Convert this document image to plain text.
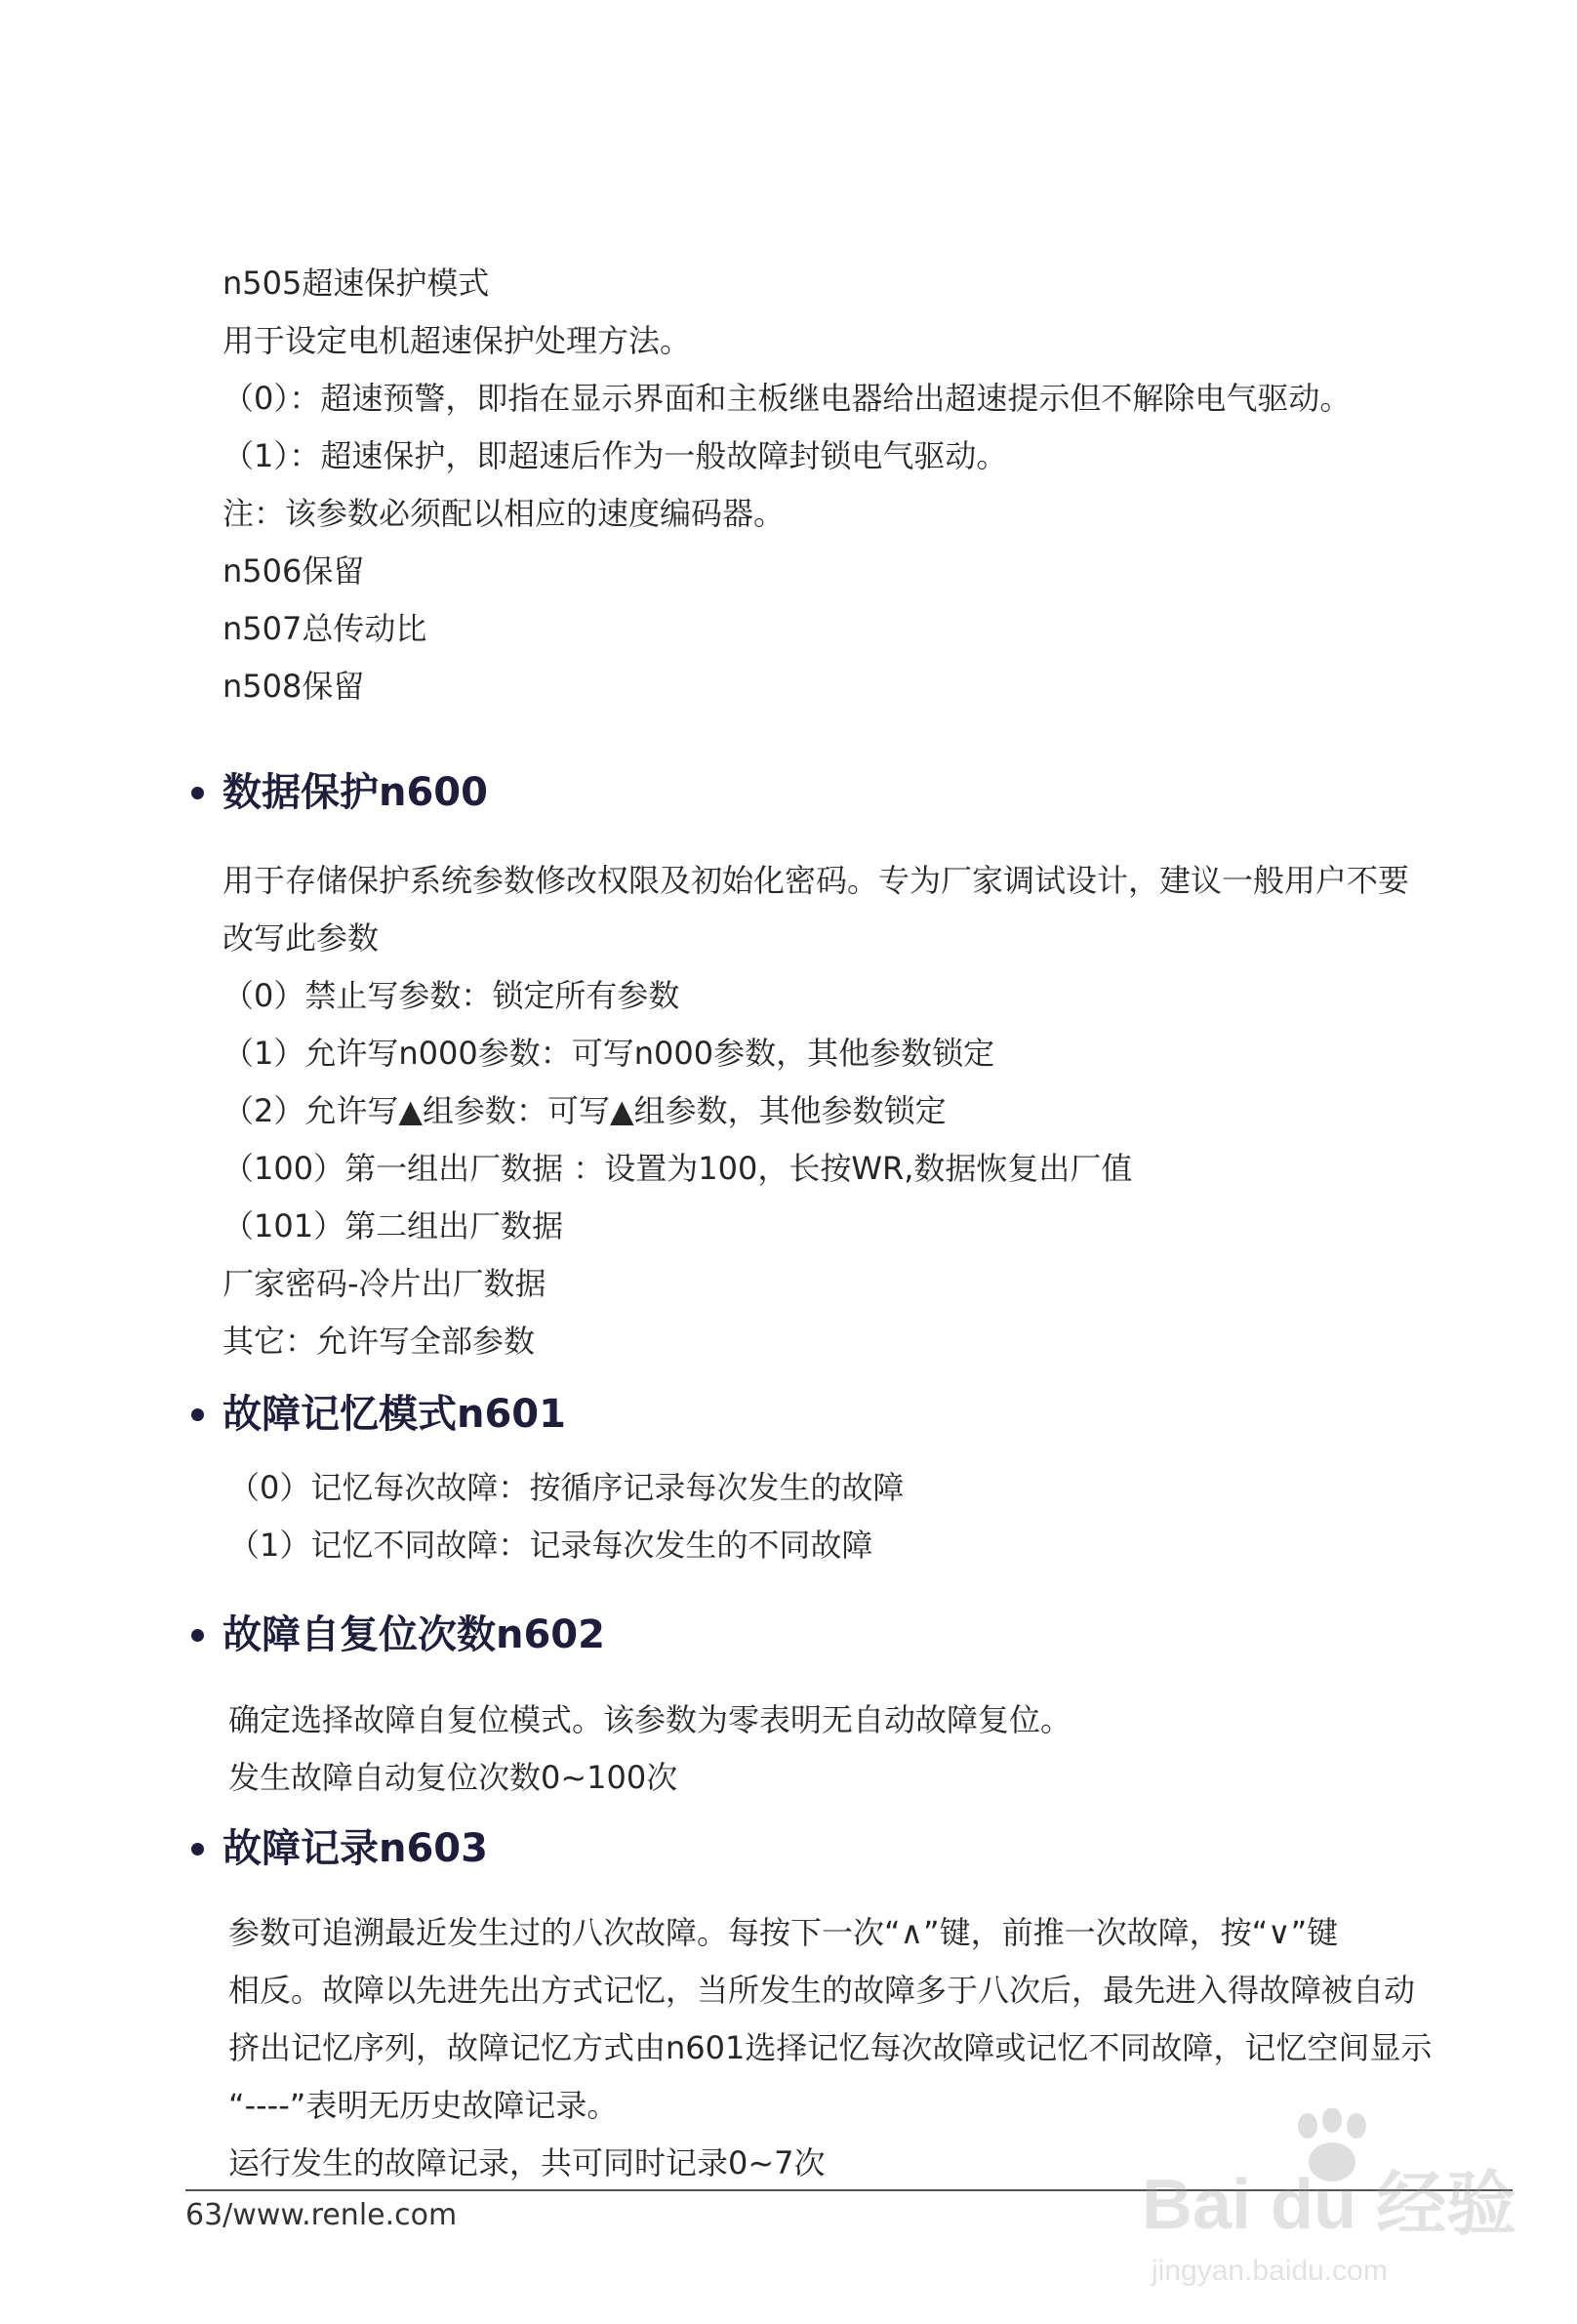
n505超速保护模式
用于设定电机超速保护处理方法。
（0）：超速预警，即指在显示界面和主板继电器给出超速提示但不解除电气驱动。
（1）：超速保护，即超速后作为一般故障封锁电气驱动。
注：该参数必须配以相应的速度编码器。
n506保留
n507总传动比
n508保留
数据保护n600
用于存储保护系统参数修改权限及初始化密码。专为厂家调试设计，建议一般用户不要
改写此参数
（0）禁止写参数：锁定所有参数
（1）允许写n000参数：可写n000参数，其他参数锁定
（2）允许写▲组参数：可写▲组参数，其他参数锁定
（100）第一组出厂数据 ：设置为100，长按WR,数据恢复出厂值
（101）第二组出厂数据
厂家密码-冷片出厂数据
其它：允许写全部参数
故障记忆模式n601
（0）记忆每次故障：按循序记录每次发生的故障
（1）记忆不同故障：记录每次发生的不同故障
故障自复位次数n602
确定选择故障自复位模式。该参数为零表明无自动故障复位。
发生故障自动复位次数0~100次
故障记录n603
参数可追溯最近发生过的八次故障。每按下一次“∧”键，前推一次故障，按“∨”键
相反。故障以先进先出方式记忆，当所发生的故障多于八次后，最先进入得故障被自动
挤出记忆序列，故障记忆方式由n601选择记忆每次故障或记忆不同故障，记忆空间显示
“----”表明无历史故障记录。
运行发生的故障记录，共可同时记录0~7次
63/www.renle.com	Bai du 经验
jingyan.baidu.com
